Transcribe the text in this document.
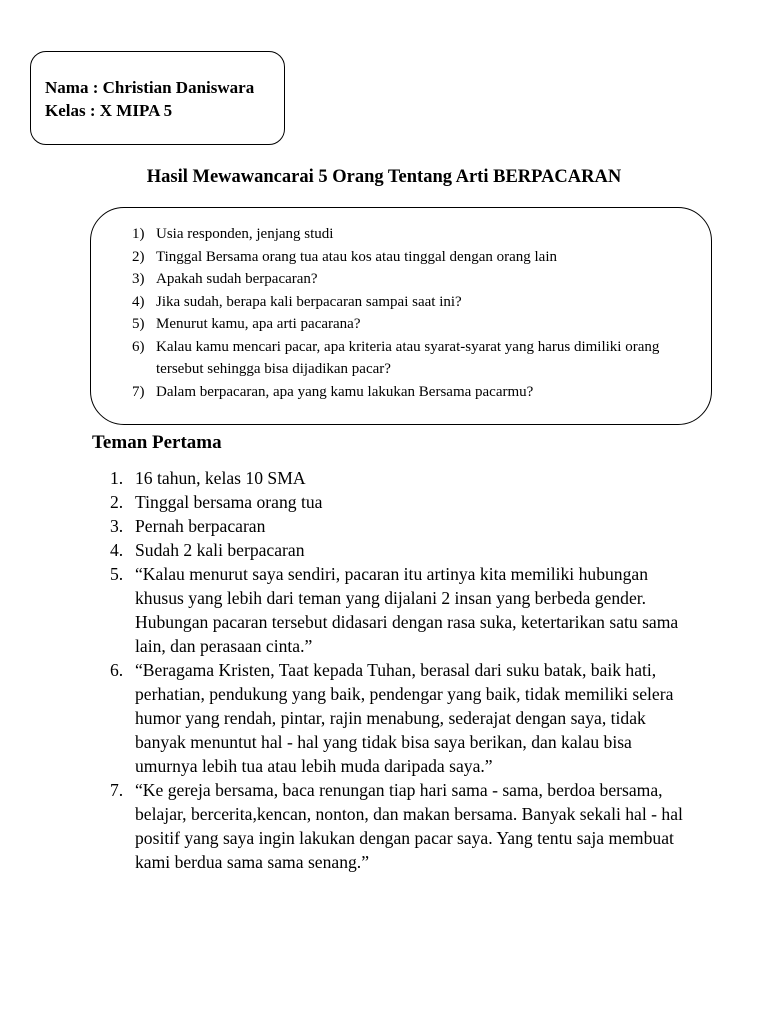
Nama : Christian Daniswara
Kelas : X MIPA 5
Hasil Mewawancarai 5 Orang Tentang Arti BERPACARAN
1) Usia responden, jenjang studi
2) Tinggal Bersama orang tua atau kos atau tinggal dengan orang lain
3) Apakah sudah berpacaran?
4) Jika sudah, berapa kali berpacaran sampai saat ini?
5) Menurut kamu, apa arti pacarana?
6) Kalau kamu mencari pacar, apa kriteria atau syarat-syarat yang harus dimiliki orang tersebut sehingga bisa dijadikan pacar?
7) Dalam berpacaran, apa yang kamu lakukan Bersama pacarmu?
Teman Pertama
1. 16 tahun, kelas 10 SMA
2. Tinggal bersama orang tua
3. Pernah berpacaran
4. Sudah 2 kali berpacaran
5. “Kalau menurut saya sendiri, pacaran itu artinya kita memiliki hubungan khusus yang lebih dari teman yang dijalani 2 insan yang berbeda gender. Hubungan pacaran tersebut didasari dengan rasa suka, ketertarikan satu sama lain, dan perasaan cinta.”
6. “Beragama Kristen, Taat kepada Tuhan, berasal dari suku batak, baik hati, perhatian, pendukung yang baik, pendengar yang baik, tidak memiliki selera humor yang rendah, pintar, rajin menabung, sederajat dengan saya, tidak banyak menuntut hal - hal yang tidak bisa saya berikan, dan kalau bisa umurnya lebih tua atau lebih muda daripada saya.”
7. “Ke gereja bersama, baca renungan tiap hari sama - sama, berdoa bersama, belajar, bercerita,kencan, nonton, dan makan bersama. Banyak sekali hal - hal positif yang saya ingin lakukan dengan pacar saya. Yang tentu saja membuat kami berdua sama sama senang.”
